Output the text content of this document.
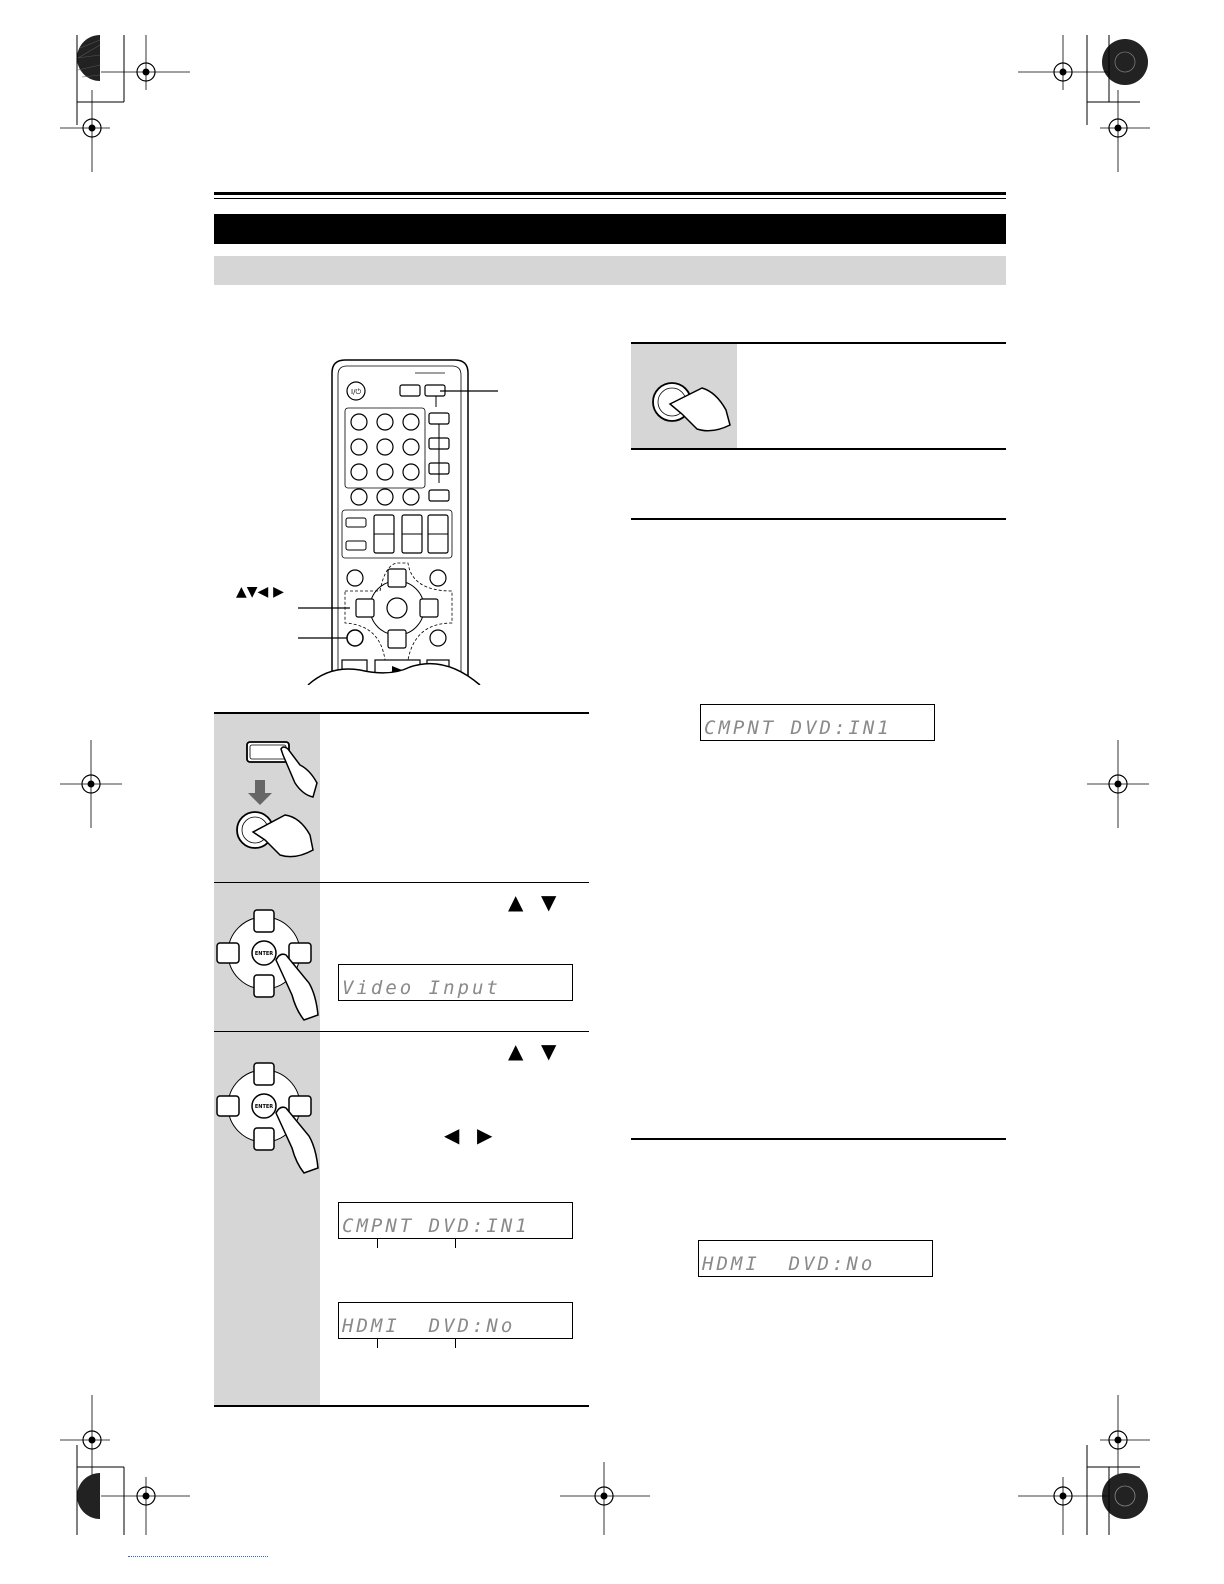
I/⏻
▲▼◀ ▶
ENTER
ENTER
▲ ▼
Video Input
▲ ▼
◀ ▶
CMPNT DVD:IN1
HDMI  DVD:No
CMPNT DVD:IN1
HDMI  DVD:No
